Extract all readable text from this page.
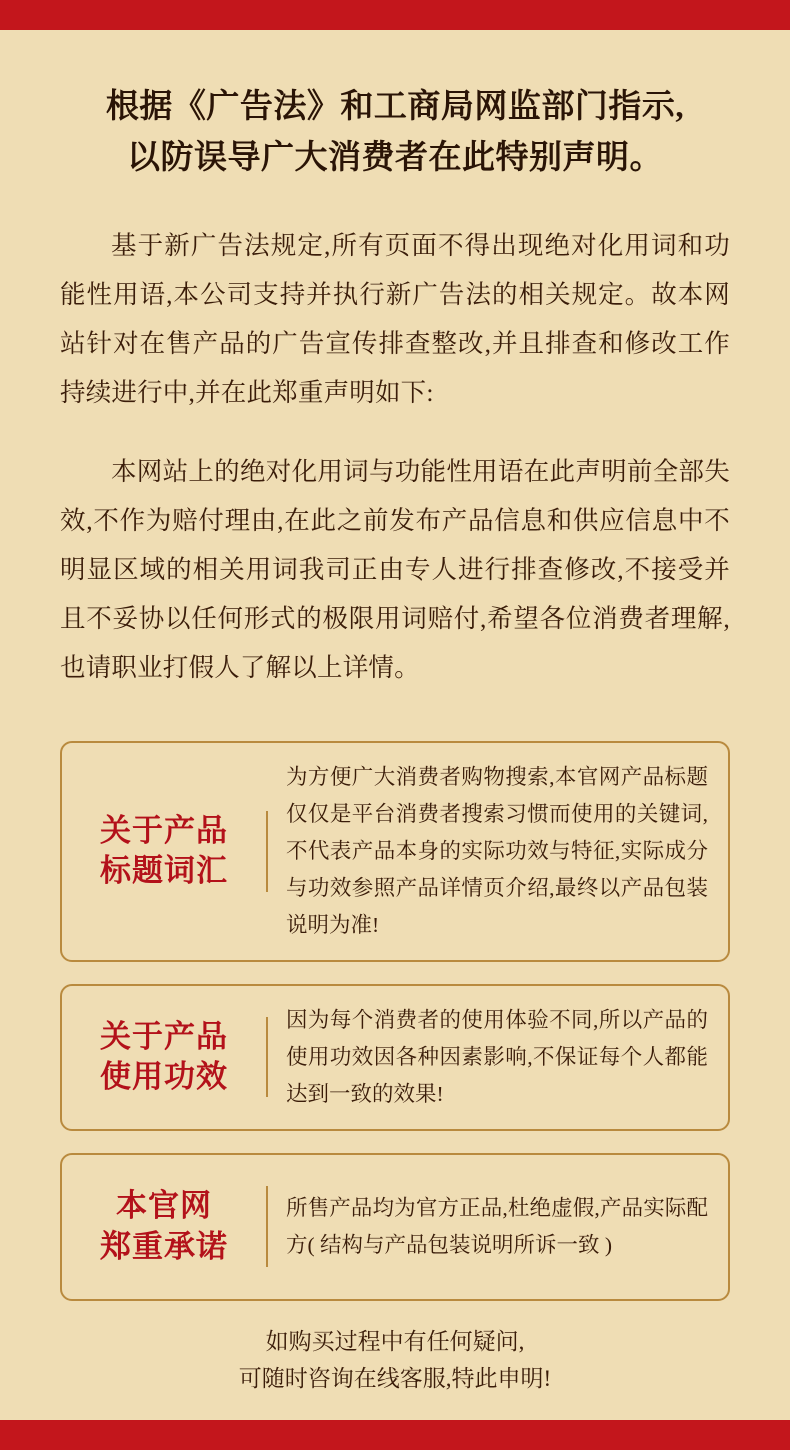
根据《广告法》和工商局网监部门指示,
以防误导广大消费者在此特别声明。

基于新广告法规定,所有页面不得出现绝对化用词和功能性用语,本公司支持并执行新广告法的相关规定。故本网站针对在售产品的广告宣传排查整改,并且排查和修改工作持续进行中,并在此郑重声明如下:

本网站上的绝对化用词与功能性用语在此声明前全部失效,不作为赔付理由,在此之前发布产品信息和供应信息中不明显区域的相关用词我司正由专人进行排查修改,不接受并且不妥协以任何形式的极限用词赔付,希望各位消费者理解,也请职业打假人了解以上详情。

关于产品
标题词汇
为方便广大消费者购物搜索,本官网产品标题仅仅是平台消费者搜索习惯而使用的关键词,不代表产品本身的实际功效与特征,实际成分与功效参照产品详情页介绍,最终以产品包装说明为准!
关于产品
使用功效
因为每个消费者的使用体验不同,所以产品的使用功效因各种因素影响,不保证每个人都能达到一致的效果!
本官网
郑重承诺
所售产品均为官方正品,杜绝虚假,产品实际配方( 结构与产品包装说明所诉一致 )
如购买过程中有任何疑问,
可随时咨询在线客服,特此申明!
